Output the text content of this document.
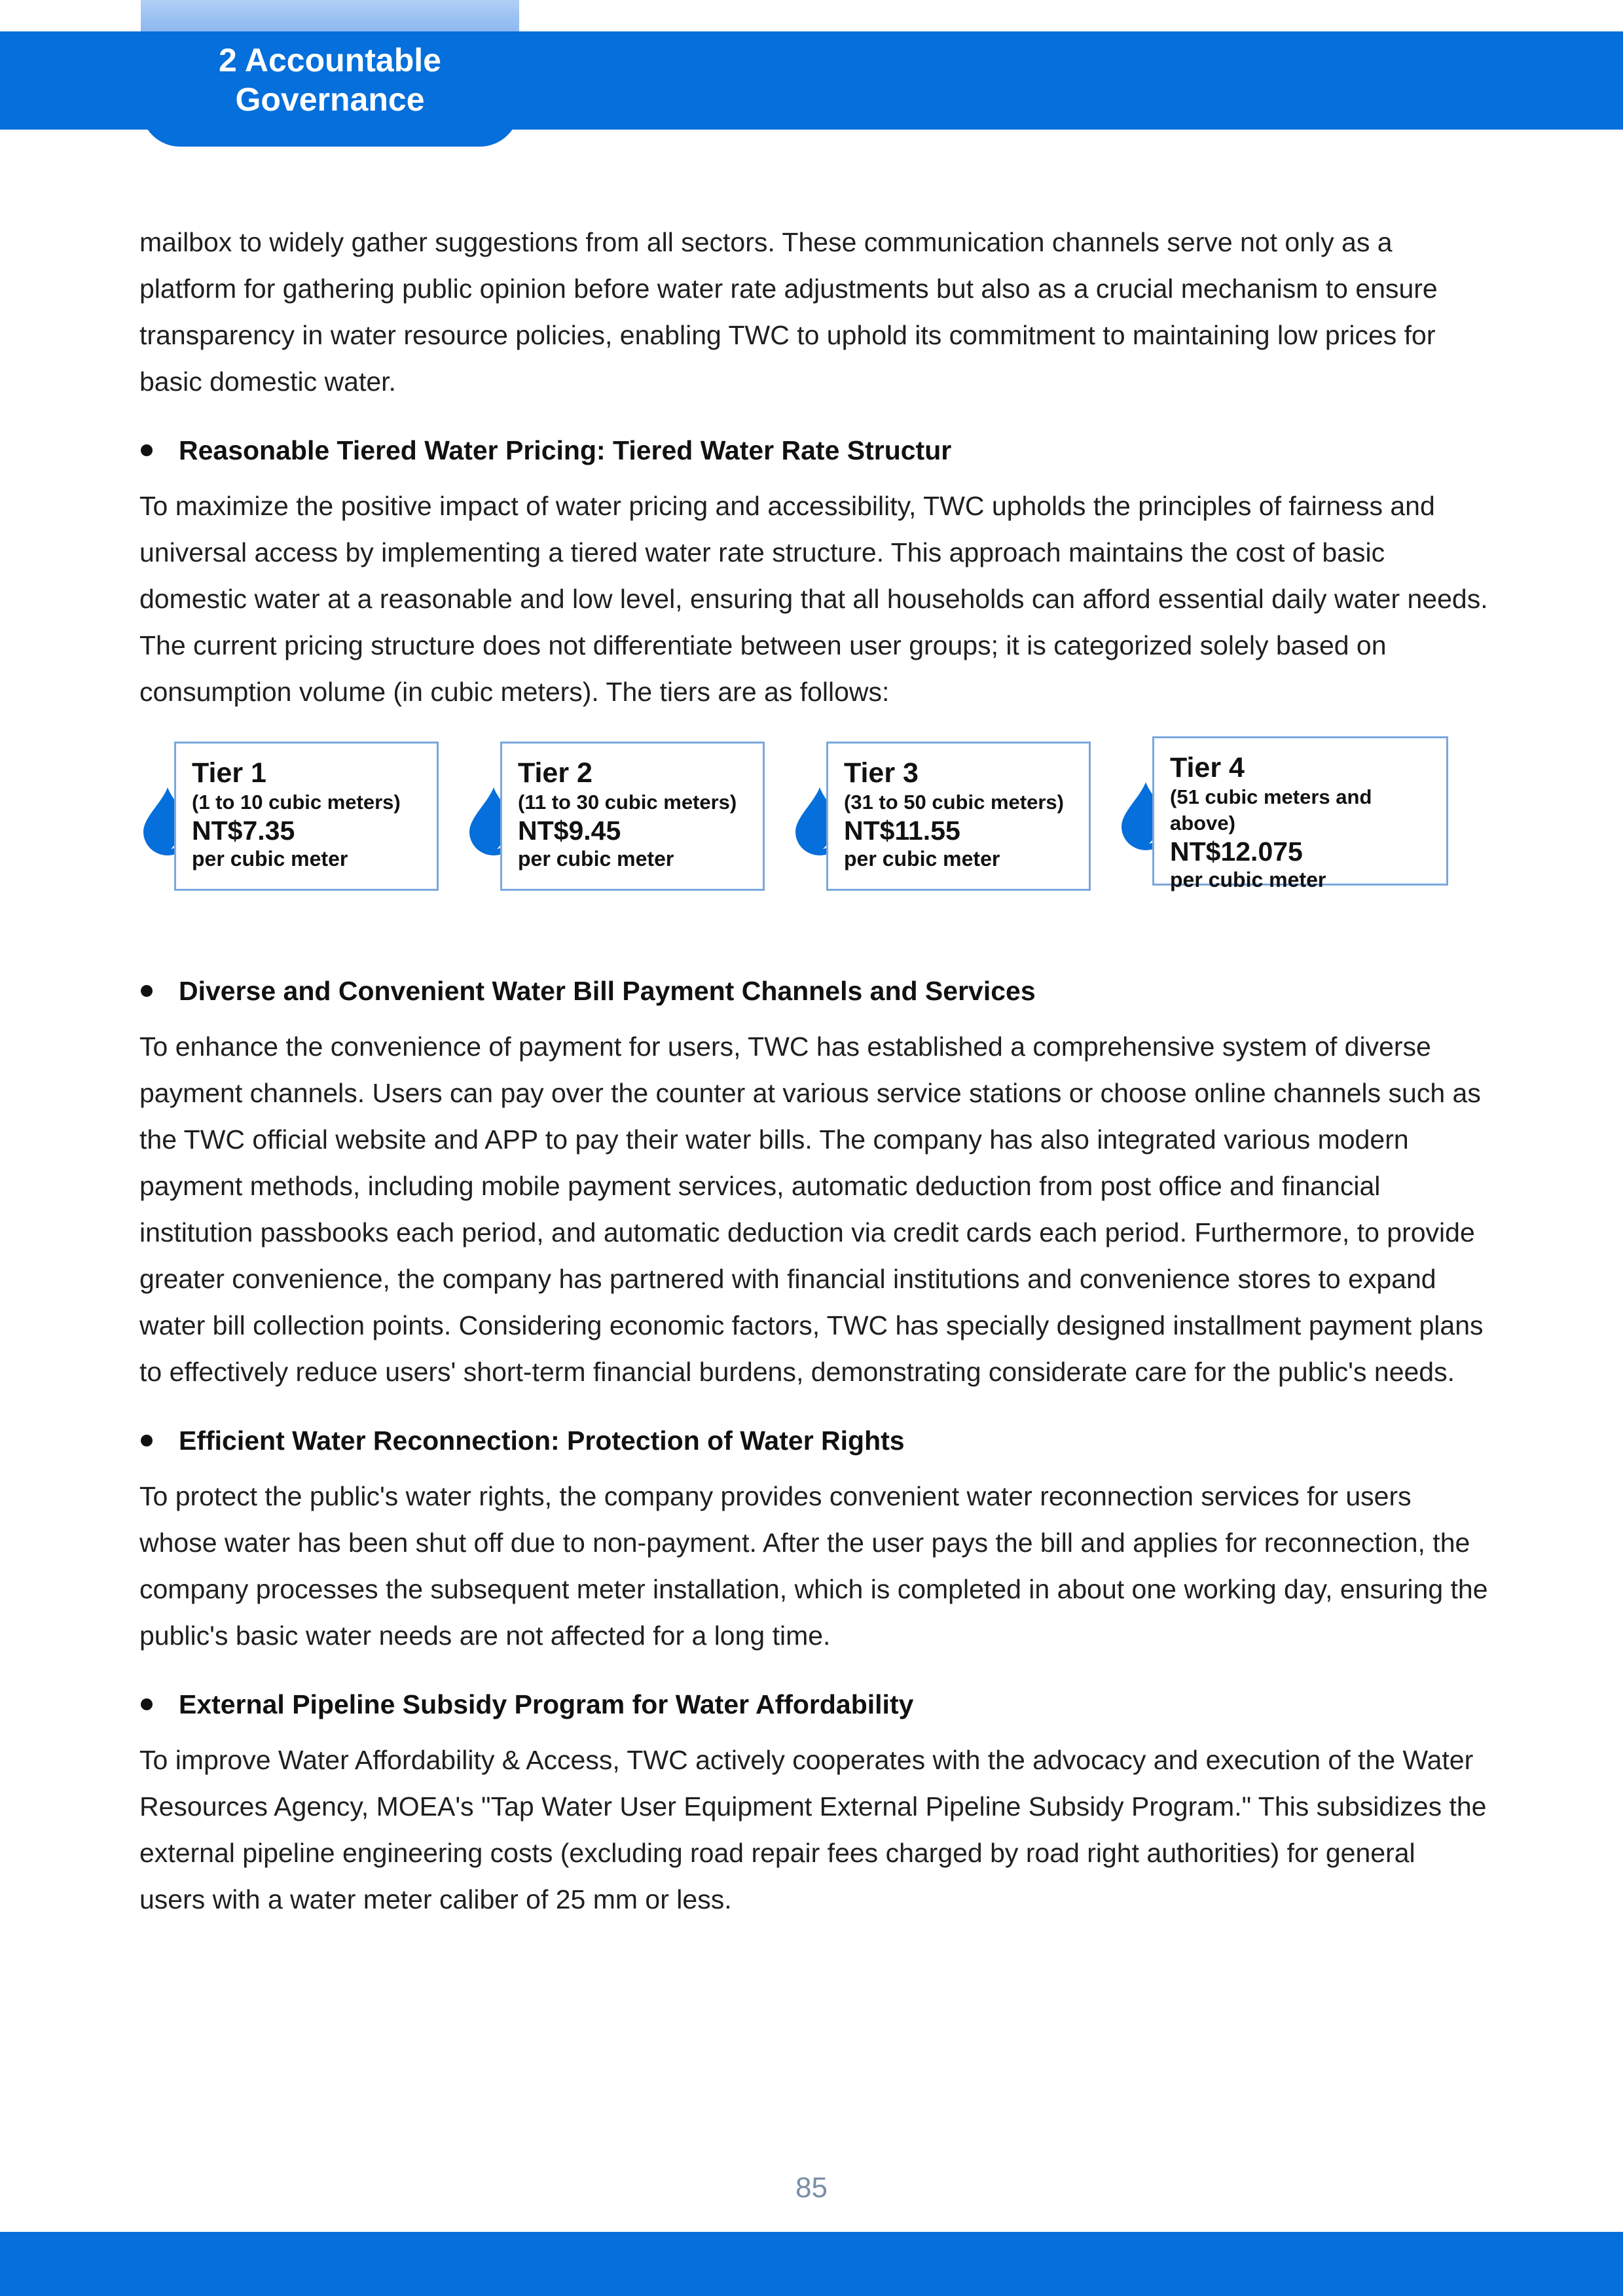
2 Accountable
Governance

mailbox to widely gather suggestions from all sectors. These communication channels serve not only as a platform for gathering public opinion before water rate adjustments but also as a crucial mechanism to ensure transparency in water resource policies, enabling TWC to uphold its commitment to maintaining low prices for basic domestic water.

Reasonable Tiered Water Pricing: Tiered Water Rate Structur

To maximize the positive impact of water pricing and accessibility, TWC upholds the principles of fairness and universal access by implementing a tiered water rate structure. This approach maintains the cost of basic domestic water at a reasonable and low level, ensuring that all households can afford essential daily water needs. The current pricing structure does not differentiate between user groups; it is categorized solely based on consumption volume (in cubic meters). The tiers are as follows:

Tier 1
(1 to 10 cubic meters)
NT$7.35
per cubic meter
Tier 2
(11 to 30 cubic meters)
NT$9.45
per cubic meter
Tier 3
(31 to 50 cubic meters)
NT$11.55
per cubic meter
Tier 4
(51 cubic meters and above)
NT$12.075
per cubic meter
Diverse and Convenient Water Bill Payment Channels and Services

To enhance the convenience of payment for users, TWC has established a comprehensive system of diverse payment channels. Users can pay over the counter at various service stations or choose online channels such as the TWC official website and APP to pay their water bills. The company has also integrated various modern payment methods, including mobile payment services, automatic deduction from post office and financial institution passbooks each period, and automatic deduction via credit cards each period. Furthermore, to provide greater convenience, the company has partnered with financial institutions and convenience stores to expand water bill collection points. Considering economic factors, TWC has specially designed installment payment plans to effectively reduce users' short-term financial burdens, demonstrating considerate care for the public's needs.

Efficient Water Reconnection: Protection of Water Rights

To protect the public's water rights, the company provides convenient water reconnection services for users whose water has been shut off due to non-payment. After the user pays the bill and applies for reconnection, the company processes the subsequent meter installation, which is completed in about one working day, ensuring the public's basic water needs are not affected for a long time.

External Pipeline Subsidy Program for Water Affordability

To improve Water Affordability & Access, TWC actively cooperates with the advocacy and execution of the Water Resources Agency, MOEA's "Tap Water User Equipment External Pipeline Subsidy Program." This subsidizes the external pipeline engineering costs (excluding road repair fees charged by road right authorities) for general users with a water meter caliber of 25 mm or less.

85
